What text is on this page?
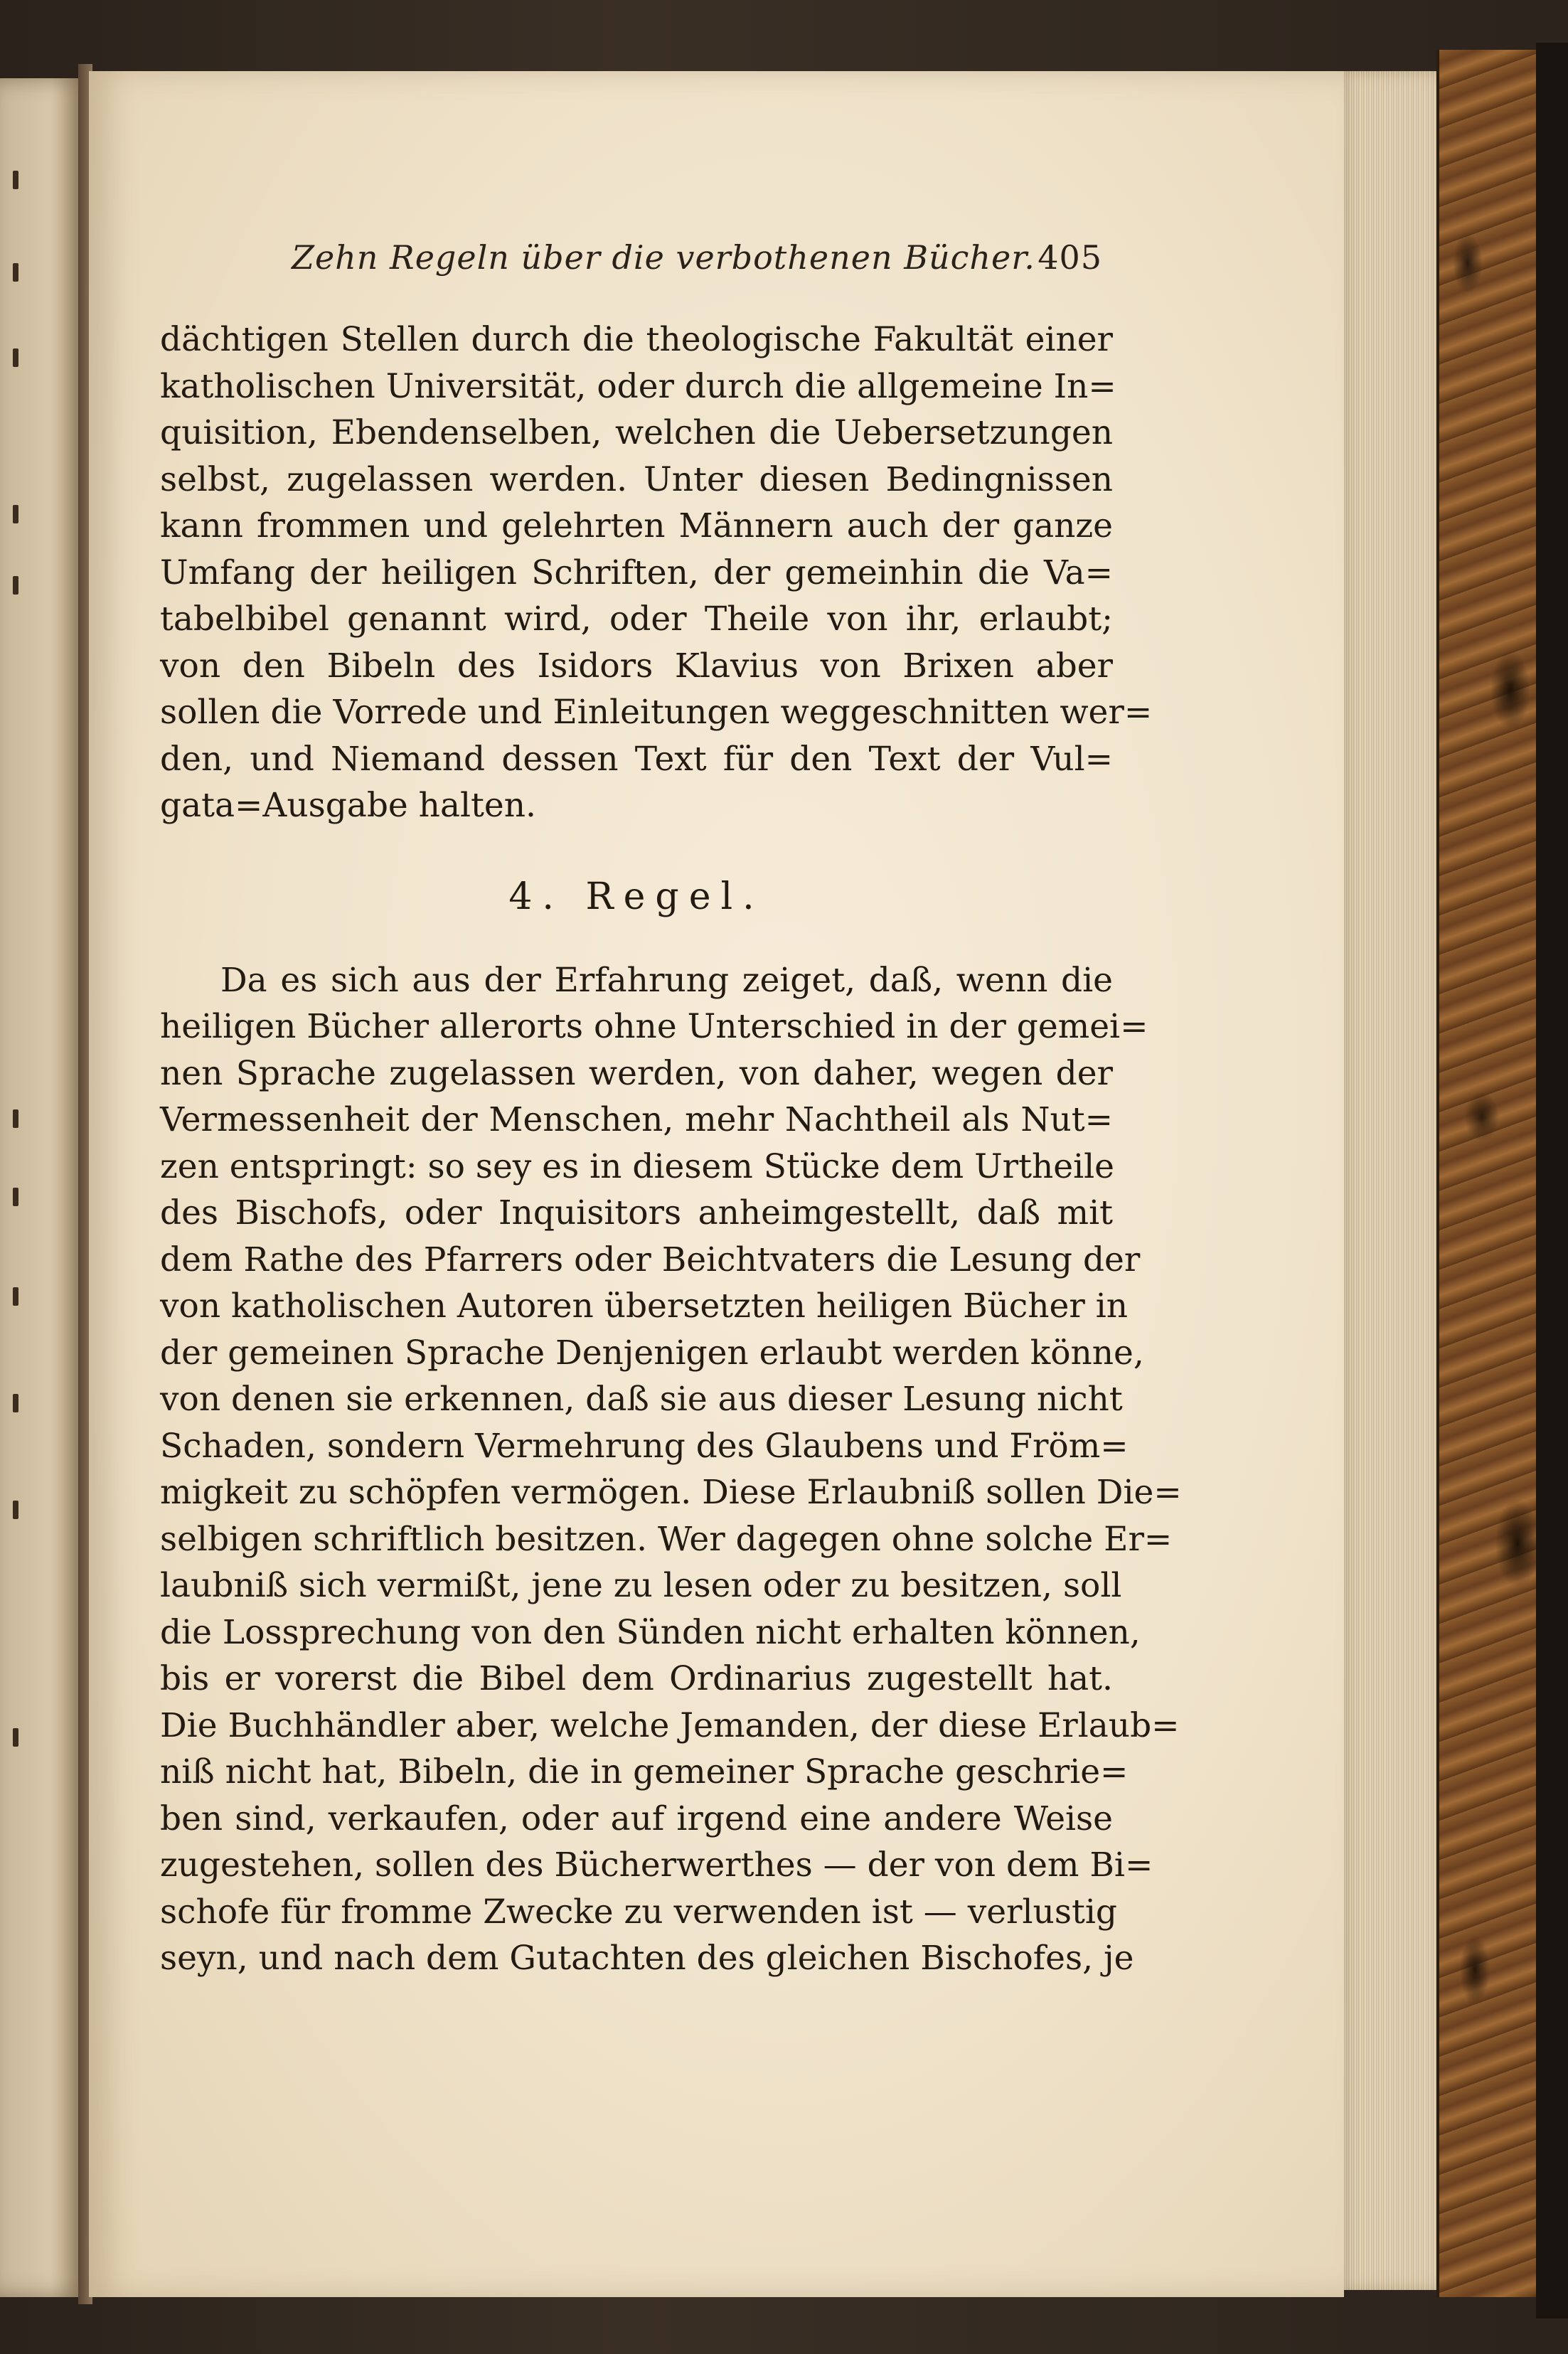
Zehn Regeln über die verbothenen Bücher. 405
dächtigen Stellen durch die theologische Fakultät einer
katholischen Universität, oder durch die allgemeine In=
quisition, Ebendenselben, welchen die Uebersetzungen
selbst, zugelassen werden. Unter diesen Bedingnissen
kann frommen und gelehrten Männern auch der ganze
Umfang der heiligen Schriften, der gemeinhin die Va=
tabelbibel genannt wird, oder Theile von ihr, erlaubt;
von den Bibeln des Isidors Klavius von Brixen aber
sollen die Vorrede und Einleitungen weggeschnitten wer=
den, und Niemand dessen Text für den Text der Vul=
gata=Ausgabe halten.
4. Regel.
Da es sich aus der Erfahrung zeiget, daß, wenn die
heiligen Bücher allerorts ohne Unterschied in der gemei=
nen Sprache zugelassen werden, von daher, wegen der
Vermessenheit der Menschen, mehr Nachtheil als Nut=
zen entspringt: so sey es in diesem Stücke dem Urtheile
des Bischofs, oder Inquisitors anheimgestellt, daß mit
dem Rathe des Pfarrers oder Beichtvaters die Lesung der
von katholischen Autoren übersetzten heiligen Bücher in
der gemeinen Sprache Denjenigen erlaubt werden könne,
von denen sie erkennen, daß sie aus dieser Lesung nicht
Schaden, sondern Vermehrung des Glaubens und Fröm=
migkeit zu schöpfen vermögen. Diese Erlaubniß sollen Die=
selbigen schriftlich besitzen. Wer dagegen ohne solche Er=
laubniß sich vermißt, jene zu lesen oder zu besitzen, soll
die Lossprechung von den Sünden nicht erhalten können,
bis er vorerst die Bibel dem Ordinarius zugestellt hat.
Die Buchhändler aber, welche Jemanden, der diese Erlaub=
niß nicht hat, Bibeln, die in gemeiner Sprache geschrie=
ben sind, verkaufen, oder auf irgend eine andere Weise
zugestehen, sollen des Bücherwerthes — der von dem Bi=
schofe für fromme Zwecke zu verwenden ist — verlustig
seyn, und nach dem Gutachten des gleichen Bischofes, je
